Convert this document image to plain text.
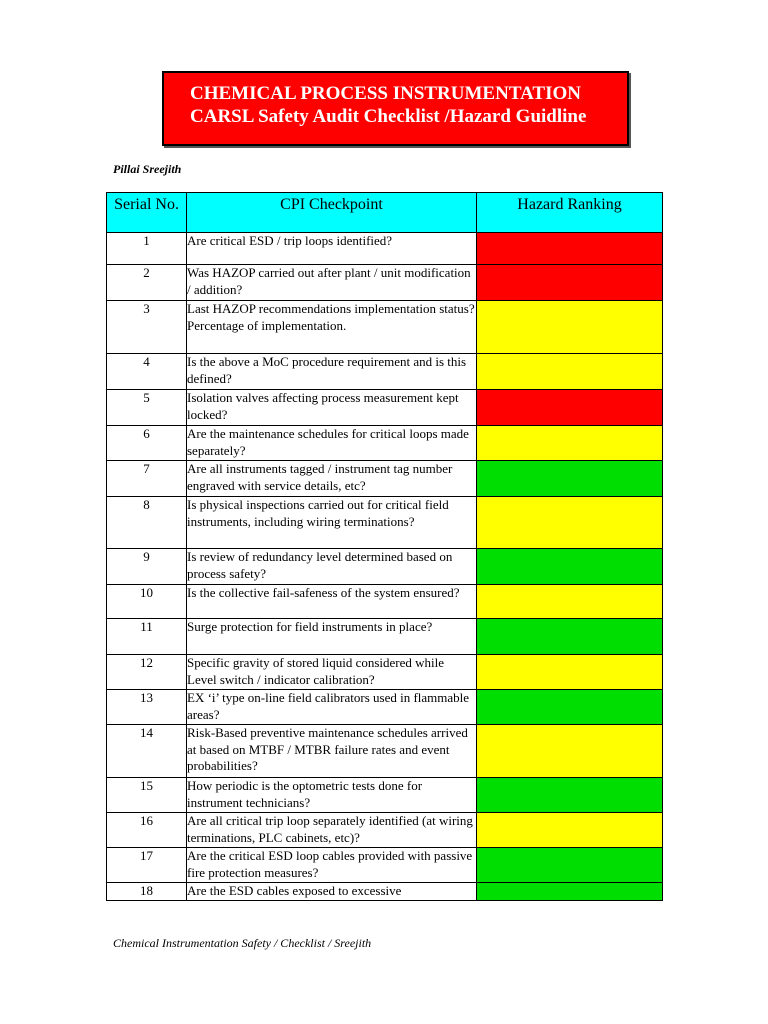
CHEMICAL PROCESS INSTRUMENTATION
CARSL Safety Audit Checklist /Hazard Guidline
Pillai Sreejith
Serial No.	CPI Checkpoint	Hazard Ranking
1	Are critical ESD / trip loops identified?	
2	Was HAZOP carried out after plant / unit modification / addition?	
3	Last HAZOP recommendations implementation status? Percentage of implementation.	
4	Is the above a MoC procedure requirement and is this defined?	
5	Isolation valves affecting process measurement kept locked?	
6	Are the maintenance schedules for critical loops made separately?	
7	Are all instruments tagged / instrument tag number engraved with service details, etc?	
8	Is physical inspections carried out for critical field instruments, including wiring terminations?	
9	Is review of redundancy level determined based on process safety?	
10	Is the collective fail-safeness of the system ensured?	
11	Surge protection for field instruments in place?	
12	Specific gravity of stored liquid considered while Level switch / indicator calibration?	
13	EX ‘i’ type on-line field calibrators used in flammable areas?	
14	Risk-Based preventive maintenance schedules arrived at based on MTBF / MTBR failure rates and event probabilities?	
15	How periodic is the optometric tests done for instrument technicians?	
16	Are all critical trip loop separately identified (at wiring terminations, PLC cabinets, etc)?	
17	Are the critical ESD loop cables provided with passive fire protection measures?	
18	Are the ESD cables exposed to excessive	
Chemical Instrumentation Safety / Checklist / Sreejith
